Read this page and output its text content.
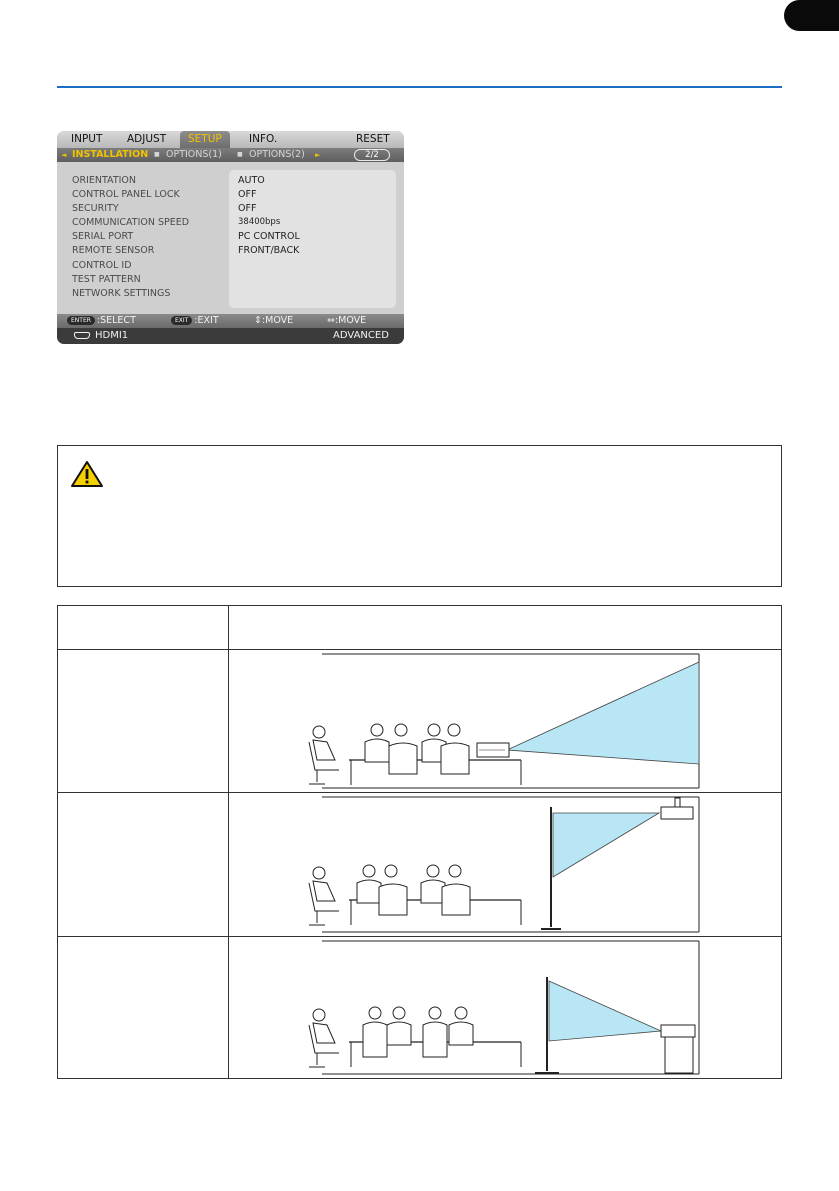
INPUT ADJUST	SETUP	INFO.	RESET
◄ INSTALLATION ■ OPTIONS(1)	■ OPTIONS(2) ►	2/2
ORIENTATION	AUTO
CONTROL PANEL LOCK	OFF
SECURITY	OFF
COMMUNICATION SPEED	38400bps
SERIAL PORT	PC CONTROL
REMOTE SENSOR	FRONT/BACK
CONTROL ID
TEST PATTERN
NETWORK SETTINGS
ENTER :SELECT	EXIT :EXIT	⇕:MOVE	⇔:MOVE
HDMI1	ADVANCED
